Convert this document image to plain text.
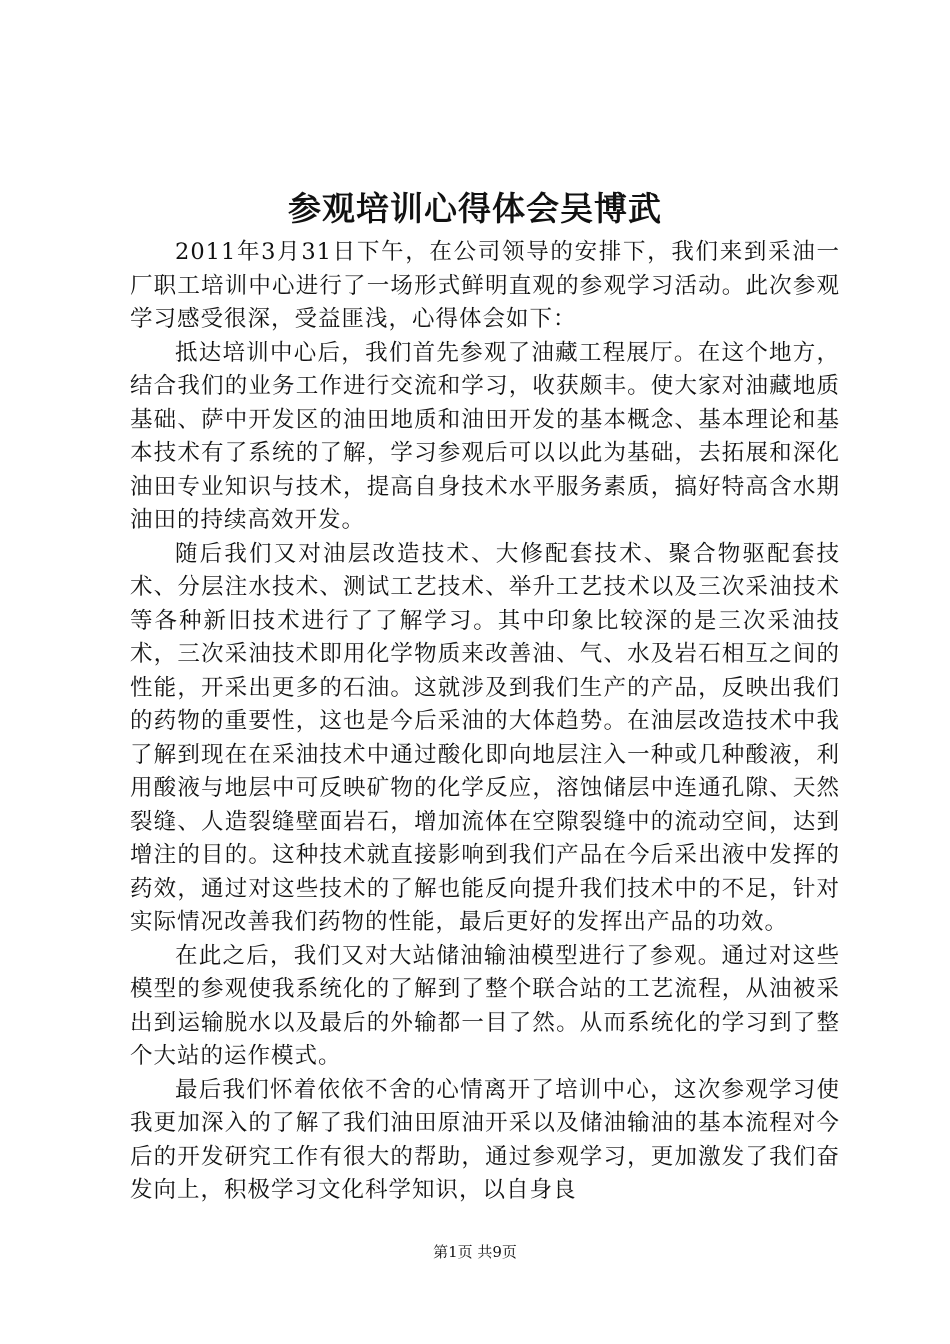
参观培训心得体会吴博武

2011年3月31日下午，在公司领导的安排下，我们来到采油一厂职工培训中心进行了一场形式鲜明直观的参观学习活动。此次参观学习感受很深，受益匪浅，心得体会如下：

抵达培训中心后，我们首先参观了油藏工程展厅。在这个地方，结合我们的业务工作进行交流和学习，收获颇丰。使大家对油藏地质基础、萨中开发区的油田地质和油田开发的基本概念、基本理论和基本技术有了系统的了解，学习参观后可以以此为基础，去拓展和深化油田专业知识与技术，提高自身技术水平服务素质，搞好特高含水期油田的持续高效开发。

随后我们又对油层改造技术、大修配套技术、聚合物驱配套技术、分层注水技术、测试工艺技术、举升工艺技术以及三次采油技术等各种新旧技术进行了了解学习。其中印象比较深的是三次采油技术，三次采油技术即用化学物质来改善油、气、水及岩石相互之间的性能，开采出更多的石油。这就涉及到我们生产的产品，反映出我们的药物的重要性，这也是今后采油的大体趋势。在油层改造技术中我了解到现在在采油技术中通过酸化即向地层注入一种或几种酸液，利用酸液与地层中可反映矿物的化学反应，溶蚀储层中连通孔隙、天然裂缝、人造裂缝壁面岩石，增加流体在空隙裂缝中的流动空间，达到增注的目的。这种技术就直接影响到我们产品在今后采出液中发挥的药效，通过对这些技术的了解也能反向提升我们技术中的不足，针对实际情况改善我们药物的性能，最后更好的发挥出产品的功效。

在此之后，我们又对大站储油输油模型进行了参观。通过对这些模型的参观使我系统化的了解到了整个联合站的工艺流程，从油被采出到运输脱水以及最后的外输都一目了然。从而系统化的学习到了整个大站的运作模式。

最后我们怀着依依不舍的心情离开了培训中心，这次参观学习使我更加深入的了解了我们油田原油开采以及储油输油的基本流程对今后的开发研究工作有很大的帮助，通过参观学习，更加激发了我们奋发向上，积极学习文化科学知识，以自身良

第1页 共9页
